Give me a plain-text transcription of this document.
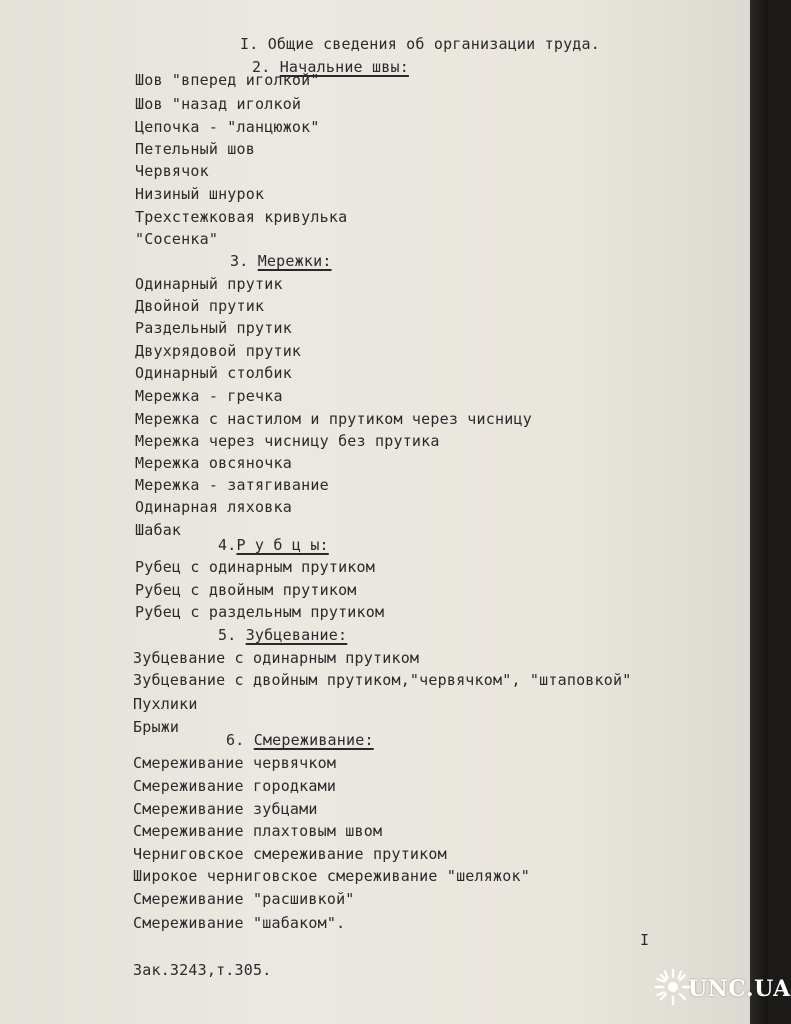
I. Общие сведения об организации труда.
2. Начальние швы:
Шов "вперед иголкой"
Шов "назад иголкой
Цепочка - "ланцюжок"
Петельный шов
Червячок
Низиный шнурок
Трехстежковая кривулька
"Сосенка"
3. Мережки:
Одинарный прутик
Двойной прутик
Раздельный прутик
Двухрядовой прутик
Одинарный столбик
Мережка - гречка
Мережка с настилом и прутиком через чисницу
Мережка через чисницу без прутика
Мережка овсяночка
Мережка - затягивание
Одинарная ляховка
Шабак
4.Р у б ц ы:
Рубец с одинарным прутиком
Рубец с двойным прутиком
Рубец с раздельным прутиком
5. Зубцевание:
Зубцевание с одинарным прутиком
Зубцевание с двойным прутиком,"червячком", "штаповкой"
Пухлики
Брыжи
6. Смереживание:
Смереживание червячком
Смереживание городками
Смереживание зубцами
Смереживание плахтовым швом
Черниговское смереживание прутиком
Широкое черниговское смереживание "шеляжок"
Смереживание "расшивкой"
Смереживание "шабаком".
I
Зак.3243,т.305.
UNC.UA
